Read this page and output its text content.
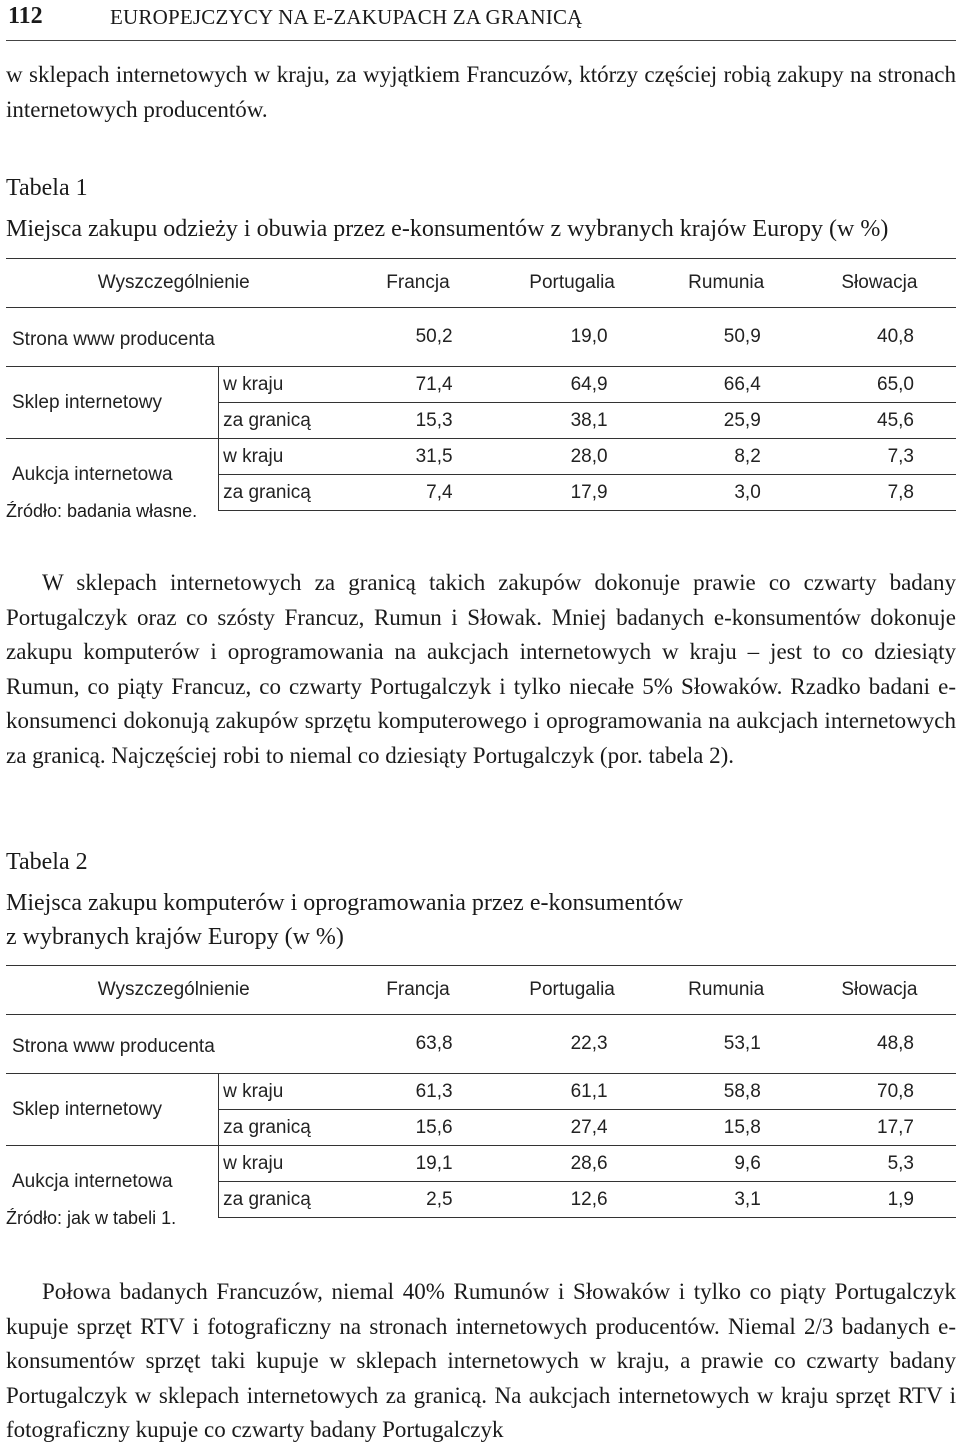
112	EUROPEJCZYCY NA E-ZAKUPACH ZA GRANICĄ

w sklepach internetowych w kraju, za wyjątkiem Francuzów, którzy częściej robią zakupy na stronach internetowych producentów.

Tabela 1
Miejsca zakupu odzieży i obuwia przez e-konsumentów z wybranych krajów Europy (w %)
Wyszczególnienie		Francja	Portugalia	Rumunia	Słowacja
Strona www producenta		50,2	19,0	50,9	40,8
Sklep internetowy	w kraju	71,4	64,9	66,4	65,0
	za granicą	15,3	38,1	25,9	45,6
Aukcja internetowa	w kraju	31,5	28,0	8,2	7,3
	za granicą	7,4	17,9	3,0	7,8
Źródło: badania własne.

W sklepach internetowych za granicą takich zakupów dokonuje prawie co czwarty badany Portugalczyk oraz co szósty Francuz, Rumun i Słowak. Mniej badanych e-konsumentów dokonuje zakupu komputerów i oprogramowania na aukcjach internetowych w kraju – jest to co dziesiąty Rumun, co piąty Francuz, co czwarty Portugalczyk i tylko niecałe 5% Słowaków. Rzadko badani e-konsumenci dokonują zakupów sprzętu komputerowego i oprogramowania na aukcjach internetowych za granicą. Najczęściej robi to niemal co dziesiąty Portugalczyk (por. tabela 2).

Tabela 2
Miejsca zakupu komputerów i oprogramowania przez e-konsumentów
z wybranych krajów Europy (w %)
Wyszczególnienie		Francja	Portugalia	Rumunia	Słowacja
Strona www producenta		63,8	22,3	53,1	48,8
Sklep internetowy	w kraju	61,3	61,1	58,8	70,8
	za granicą	15,6	27,4	15,8	17,7
Aukcja internetowa	w kraju	19,1	28,6	9,6	5,3
	za granicą	2,5	12,6	3,1	1,9
Źródło: jak w tabeli 1.

Połowa badanych Francuzów, niemal 40% Rumunów i Słowaków i tylko co piąty Portugalczyk kupuje sprzęt RTV i fotograficzny na stronach internetowych producentów. Niemal 2/3 badanych e-konsumentów sprzęt taki kupuje w sklepach internetowych w kraju, a prawie co czwarty badany Portugalczyk w sklepach internetowych za granicą. Na aukcjach internetowych w kraju sprzęt RTV i fotograficzny kupuje co czwarty badany Portugalczyk
